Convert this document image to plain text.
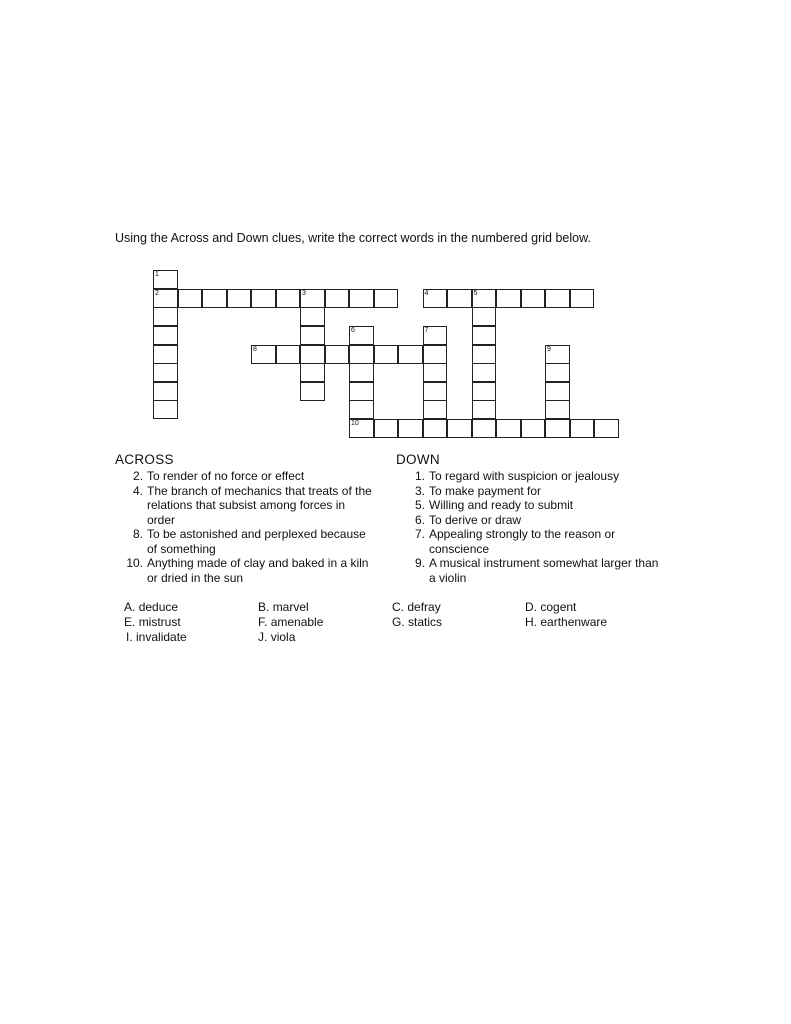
Using the Across and Down clues, write the correct words in the numbered grid below.
1
2	3	4	5
6
10
7
8	9
ACROSS	DOWN
2. To render of no force or effect
4. The branch of mechanics that treats of the relations that subsist among forces in order
8. To be astonished and perplexed because of something
10. Anything made of clay and baked in a kiln or dried in the sun
1. To regard with suspicion or jealousy
3. To make payment for
5. Willing and ready to submit
6. To derive or draw
7. Appealing strongly to the reason or conscience
9. A musical instrument somewhat larger than a violin
A. deduce	B. marvel	C. defray	D. cogent
E. mistrust	F. amenable	G. statics	H. earthenware
I. invalidate	J. viola
